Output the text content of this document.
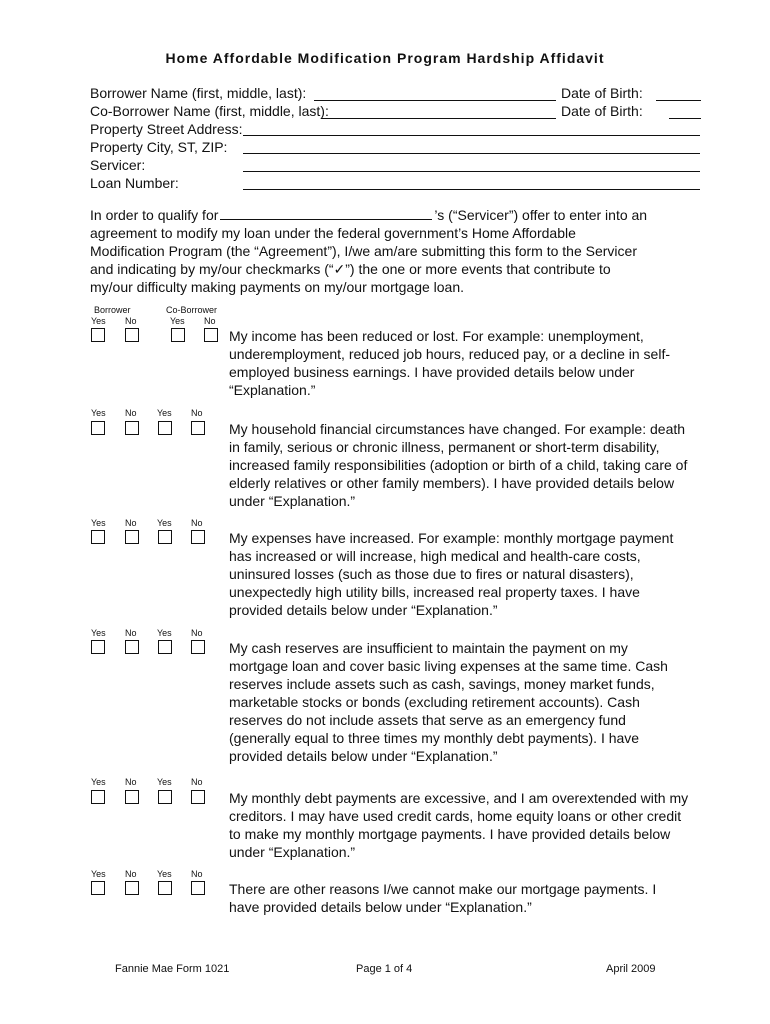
Home Affordable Modification Program Hardship Affidavit
Borrower Name (first, middle, last):	Date of Birth:
Co-Borrower Name (first, middle, last):	Date of Birth:
Property Street Address:
Property City, ST, ZIP:
Servicer:
Loan Number:
In order to qualify for	’s (“Servicer”) offer to enter into an agreement to modify my loan under the federal government’s Home Affordable Modification Program (the “Agreement”), I/we am/are submitting this form to the Servicer and indicating by my/our checkmarks (“✓”) the one or more events that contribute to my/our difficulty making payments on my/our mortgage loan.
Borrower	Co-Borrower
Yes No	Yes No
My income has been reduced or lost. For example: unemployment, underemployment, reduced job hours, reduced pay, or a decline in self-employed business earnings. I have provided details below under “Explanation.”
Yes No Yes No
My household financial circumstances have changed. For example: death in family, serious or chronic illness, permanent or short-term disability, increased family responsibilities (adoption or birth of a child, taking care of elderly relatives or other family members). I have provided details below under “Explanation.”
Yes No Yes No
My expenses have increased. For example: monthly mortgage payment has increased or will increase, high medical and health-care costs, uninsured losses (such as those due to fires or natural disasters), unexpectedly high utility bills, increased real property taxes. I have provided details below under “Explanation.”
Yes No Yes No
My cash reserves are insufficient to maintain the payment on my mortgage loan and cover basic living expenses at the same time. Cash reserves include assets such as cash, savings, money market funds, marketable stocks or bonds (excluding retirement accounts). Cash reserves do not include assets that serve as an emergency fund (generally equal to three times my monthly debt payments). I have provided details below under “Explanation.”
Yes No Yes No
My monthly debt payments are excessive, and I am overextended with my creditors. I may have used credit cards, home equity loans or other credit to make my monthly mortgage payments. I have provided details below under “Explanation.”
Yes No Yes No
There are other reasons I/we cannot make our mortgage payments. I have provided details below under “Explanation.”
Fannie Mae Form 1021	Page 1 of 4	April 2009
